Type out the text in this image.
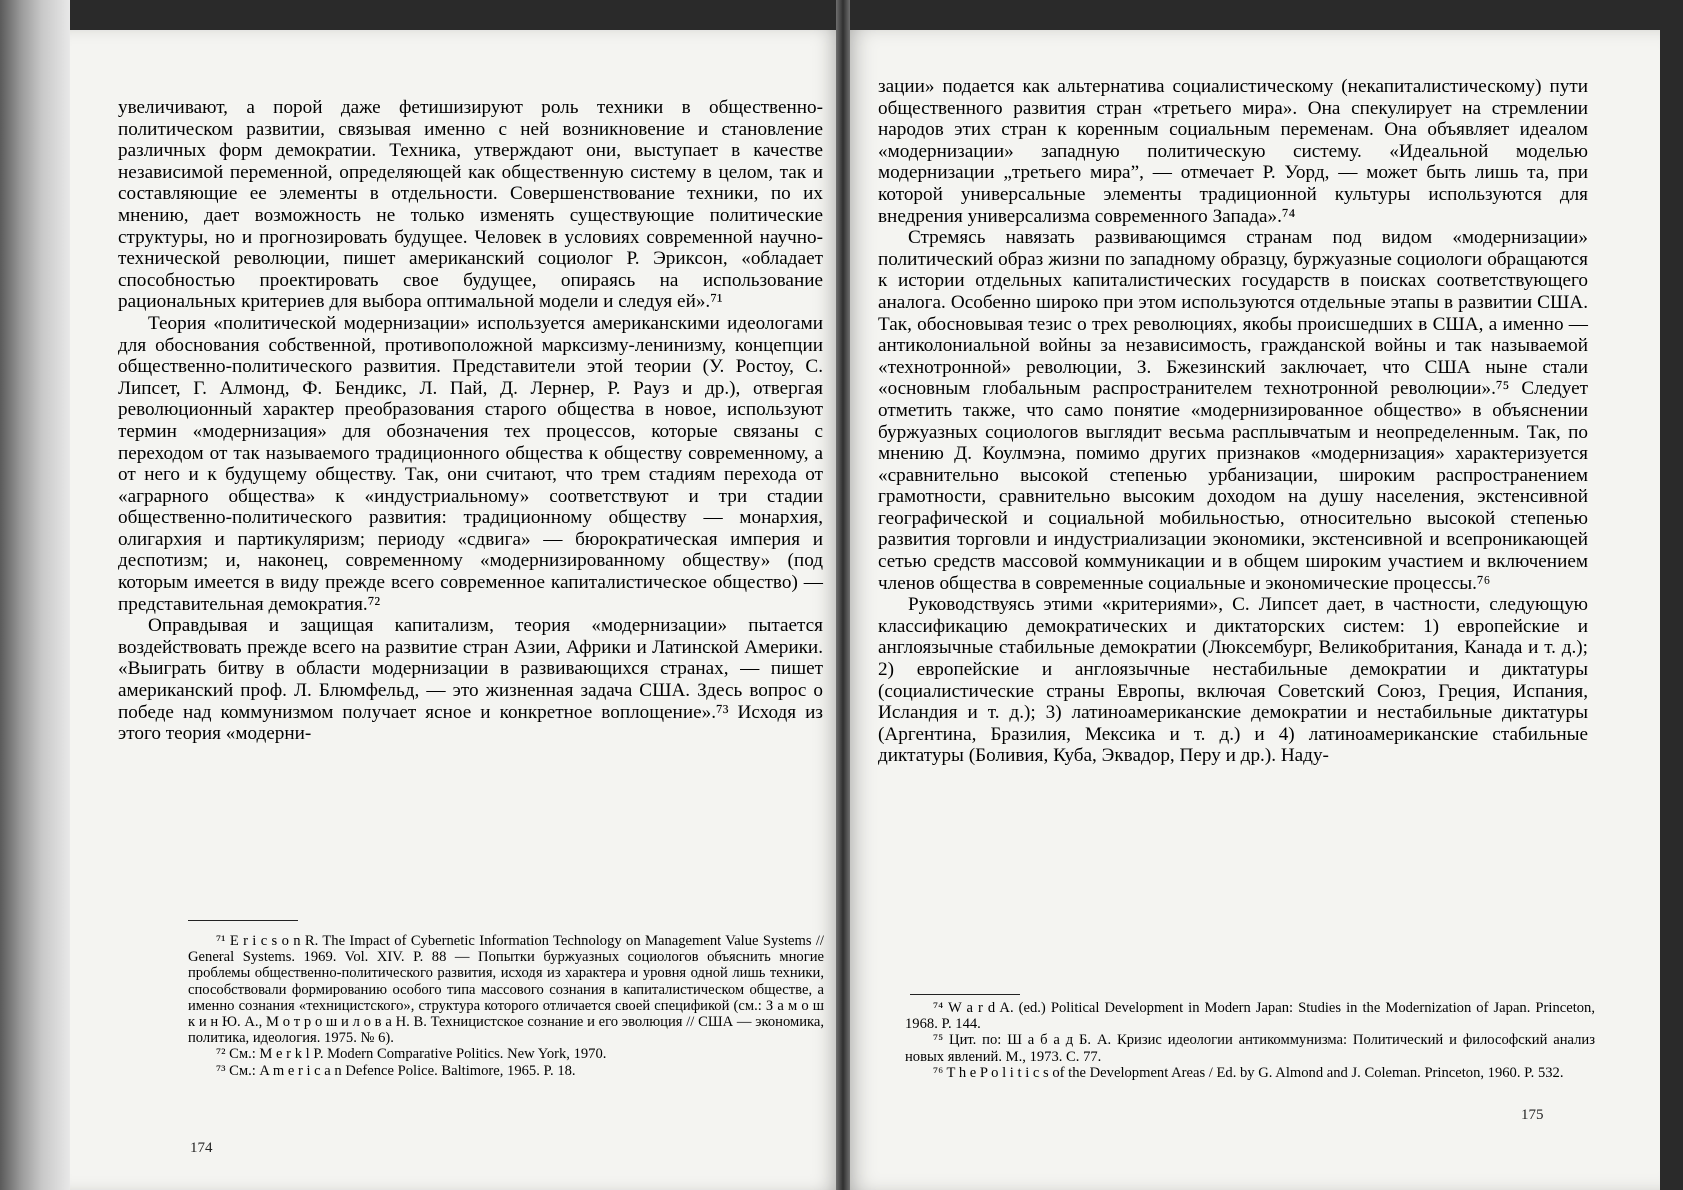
увеличивают, а порой даже фетишизируют роль техники в общественно-политическом развитии, связывая именно с ней возникновение и становление различных форм демократии. Техника, утверждают они, выступает в качестве независимой переменной, определяющей как общественную систему в целом, так и составляющие ее элементы в отдельности. Совершенствование техники, по их мнению, дает возможность не только изменять существующие политические структуры, но и прогнозировать будущее. Человек в условиях современной научно-технической революции, пишет американский социолог Р. Эриксон, «обладает способностью проектировать свое будущее, опираясь на использование рациональных критериев для выбора оптимальной модели и следуя ей».⁷¹

Теория «политической модернизации» используется американскими идеологами для обоснования собственной, противоположной марксизму-ленинизму, концепции общественно-политического развития. Представители этой теории (У. Ростоу, С. Липсет, Г. Алмонд, Ф. Бендикс, Л. Пай, Д. Лернер, Р. Раyз и др.), отвергая революционный характер преобразования старого общества в новое, используют термин «модернизация» для обозначения тех процессов, которые связаны с переходом от так называемого традиционного общества к обществу современному, а от него и к будущему обществу. Так, они считают, что трем стадиям перехода от «аграрного общества» к «индустриальному» соответствуют и три стадии общественно-политического развития: традиционному обществу — монархия, олигархия и партикуляризм; периоду «сдвига» — бюрократическая империя и деспотизм; и, наконец, современному «модернизированному обществу» (под которым имеется в виду прежде всего современное капиталистическое общество) — представительная демократия.⁷²

Оправдывая и защищая капитализм, теория «модернизации» пытается воздействовать прежде всего на развитие стран Азии, Африки и Латинской Америки. «Выиграть битву в области модернизации в развивающихся странах, — пишет американский проф. Л. Блюмфельд, — это жизненная задача США. Здесь вопрос о победе над коммунизмом получает ясное и конкретное воплощение».⁷³ Исходя из этого теория «модерни-

⁷¹ E r i c s o n R. The Impact of Cybernetic Information Technology on Management Value Systems // General Systems. 1969. Vol. XIV. P. 88 — Попытки буржуазных социологов объяснить многие проблемы общественно-политического развития, исходя из характера и уровня одной лишь техники, способствовали формированию особого типа массового сознания в капиталистическом обществе, а именно сознания «техницистского», структура которого отличается своей спецификой (см.: З а м о ш к и н Ю. А., М о т р о ш и л о в а Н. В. Техницистское сознание и его эволюция // США — экономика, политика, идеология. 1975. № 6).

⁷² См.: M e r k l P. Modern Comparative Politics. New York, 1970.

⁷³ См.: A m e r i c a n Defence Police. Baltimore, 1965. P. 18.

174

зации» подается как альтернатива социалистическому (некапиталистическому) пути общественного развития стран «третьего мира». Она спекулирует на стремлении народов этих стран к коренным социальным переменам. Она объявляет идеалом «модернизации» западную политическую систему. «Идеальной моделью модернизации „третьего мира”, — отмечает Р. Уорд, — может быть лишь та, при которой универсальные элементы традиционной культуры используются для внедрения универсализма современного Запада».⁷⁴

Стремясь навязать развивающимся странам под видом «модернизации» политический образ жизни по западному образцу, буржуазные социологи обращаются к истории отдельных капиталистических государств в поисках соответствующего аналога. Особенно широко при этом используются отдельные этапы в развитии США. Так, обосновывая тезис о трех революциях, якобы происшедших в США, а именно — антиколониальной войны за независимость, гражданской войны и так называемой «технотронной» революции, З. Бжезинский заключает, что США ныне стали «основным глобальным распространителем технотронной революции».⁷⁵ Следует отметить также, что само понятие «модернизированное общество» в объяснении буржуазных социологов выглядит весьма расплывчатым и неопределенным. Так, по мнению Д. Коулмэна, помимо других признаков «модернизация» характеризуется «сравнительно высокой степенью урбанизации, широким распространением грамотности, сравнительно высоким доходом на душу населения, экстенсивной географической и социальной мобильностью, относительно высокой степенью развития торговли и индустриализации экономики, экстенсивной и всепроникающей сетью средств массовой коммуникации и в общем широким участием и включением членов общества в современные социальные и экономические процессы.⁷⁶

Руководствуясь этими «критериями», С. Липсет дает, в частности, следующую классификацию демократических и диктаторских систем: 1) европейские и англоязычные стабильные демократии (Люксембург, Великобритания, Канада и т. д.); 2) европейские и англоязычные нестабильные демократии и диктатуры (социалистические страны Европы, включая Советский Союз, Греция, Испания, Исландия и т. д.); 3) латиноамериканские демократии и нестабильные диктатуры (Аргентина, Бразилия, Мексика и т. д.) и 4) латиноамериканские стабильные диктатуры (Боливия, Куба, Эквадор, Перу и др.). Наду-

⁷⁴ W a r d A. (ed.) Political Development in Modern Japan: Studies in the Modernization of Japan. Princeton, 1968. P. 144.

⁷⁵ Цит. по: Ш а б а д Б. А. Кризис идеологии антикоммунизма: Политический и философский анализ новых явлений. М., 1973. С. 77.

⁷⁶ T h e P o l i t i c s of the Development Areas / Ed. by G. Almond and J. Coleman. Princeton, 1960. P. 532.

175
